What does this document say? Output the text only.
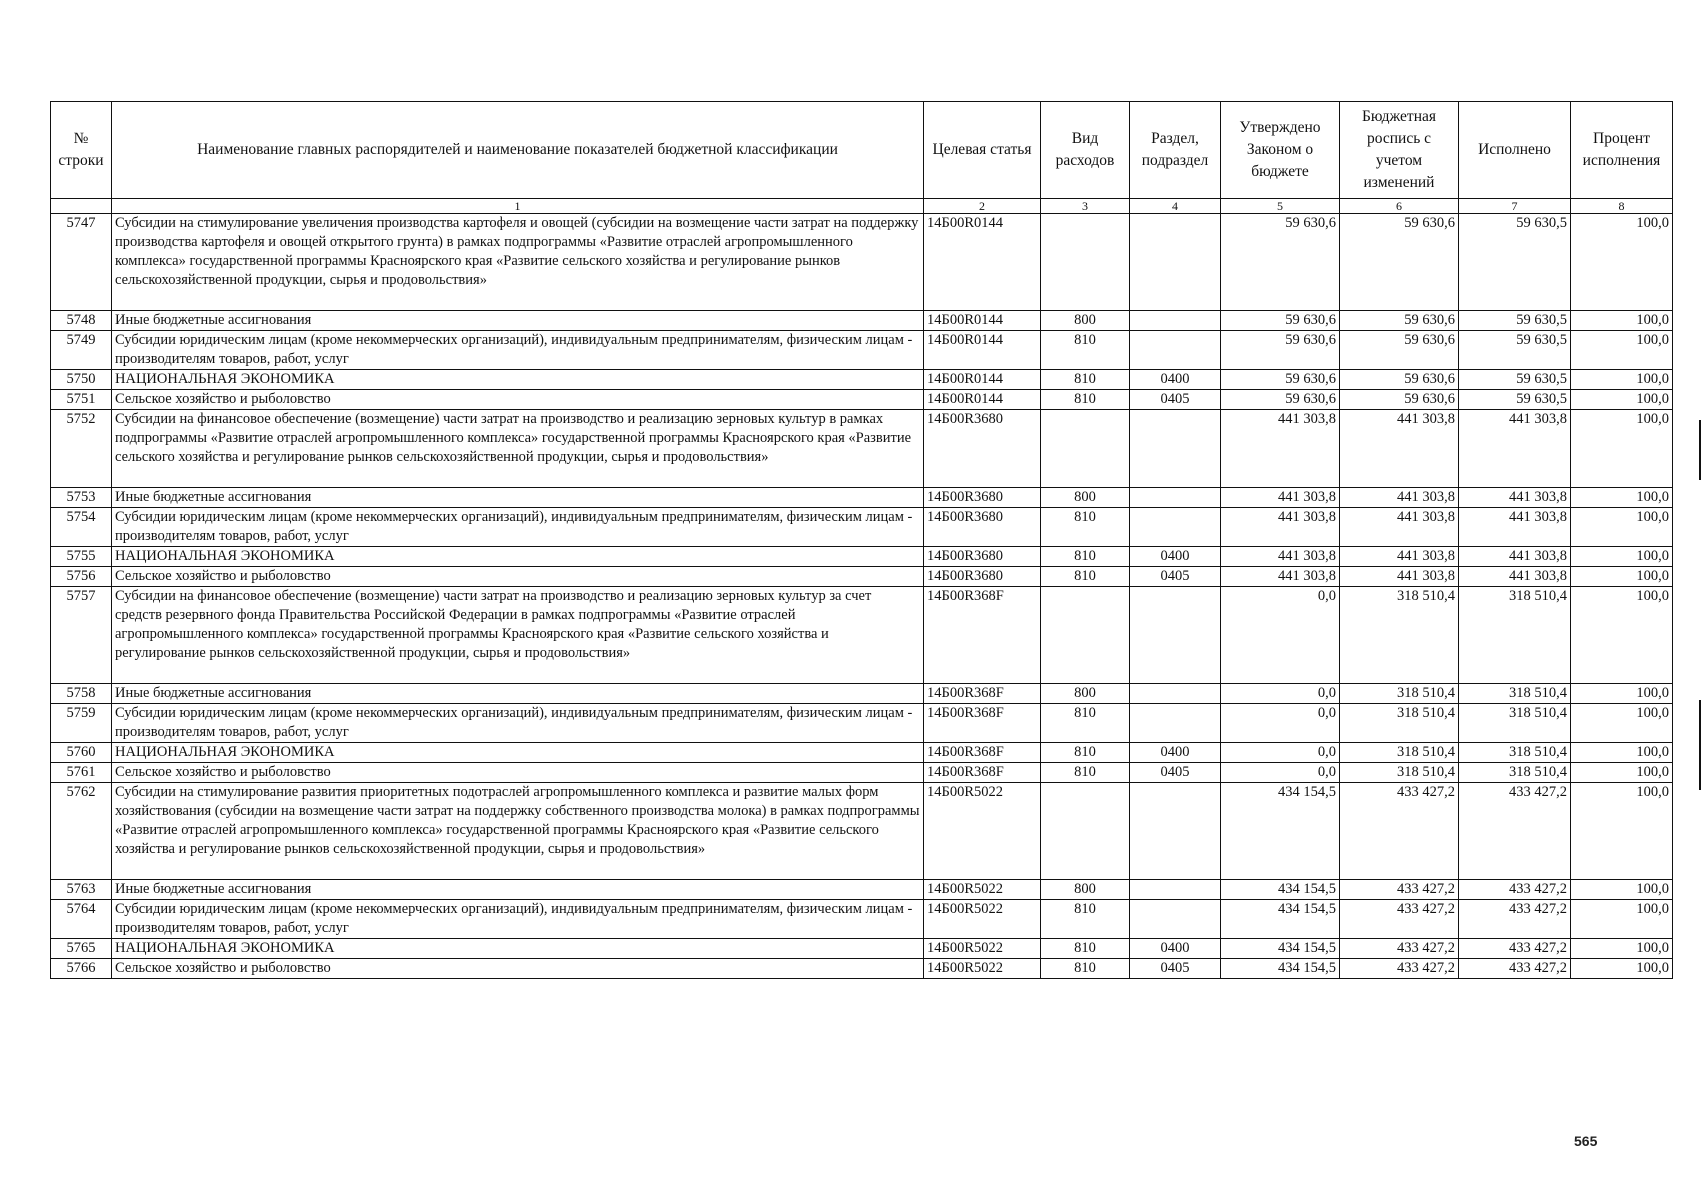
№ строки	Наименование главных распорядителей и наименование показателей бюджетной классификации	Целевая статья	Вид расходов	Раздел, подраздел	Утверждено Законом о бюджете	Бюджетная роспись с учетом изменений	Исполнено	Процент исполнения
	1	2	3	4	5	6	7	8
5747	Субсидии на стимулирование увеличения производства картофеля и овощей (субсидии на возмещение части затрат на поддержку производства картофеля и овощей открытого грунта) в рамках подпрограммы «Развитие отраслей агропромышленного комплекса» государственной программы Красноярского края «Развитие сельского хозяйства и регулирование рынков сельскохозяйственной продукции, сырья и продовольствия»	14Б00R0144			59 630,6	59 630,6	59 630,5	100,0
5748	Иные бюджетные ассигнования	14Б00R0144	800		59 630,6	59 630,6	59 630,5	100,0
5749	Субсидии юридическим лицам (кроме некоммерческих организаций), индивидуальным предпринимателям, физическим лицам - производителям товаров, работ, услуг	14Б00R0144	810		59 630,6	59 630,6	59 630,5	100,0
5750	НАЦИОНАЛЬНАЯ ЭКОНОМИКА	14Б00R0144	810	0400	59 630,6	59 630,6	59 630,5	100,0
5751	Сельское хозяйство и рыболовство	14Б00R0144	810	0405	59 630,6	59 630,6	59 630,5	100,0
5752	Субсидии на финансовое обеспечение (возмещение) части затрат на производство и реализацию зерновых культур в рамках подпрограммы «Развитие отраслей агропромышленного комплекса» государственной программы Красноярского края «Развитие сельского хозяйства и регулирование рынков сельскохозяйственной продукции, сырья и продовольствия»	14Б00R3680			441 303,8	441 303,8	441 303,8	100,0
5753	Иные бюджетные ассигнования	14Б00R3680	800		441 303,8	441 303,8	441 303,8	100,0
5754	Субсидии юридическим лицам (кроме некоммерческих организаций), индивидуальным предпринимателям, физическим лицам - производителям товаров, работ, услуг	14Б00R3680	810		441 303,8	441 303,8	441 303,8	100,0
5755	НАЦИОНАЛЬНАЯ ЭКОНОМИКА	14Б00R3680	810	0400	441 303,8	441 303,8	441 303,8	100,0
5756	Сельское хозяйство и рыболовство	14Б00R3680	810	0405	441 303,8	441 303,8	441 303,8	100,0
5757	Субсидии на финансовое обеспечение (возмещение) части затрат на производство и реализацию зерновых культур за счет средств резервного фонда Правительства Российской Федерации в рамках подпрограммы «Развитие отраслей агропромышленного комплекса» государственной программы Красноярского края «Развитие сельского хозяйства и регулирование рынков сельскохозяйственной продукции, сырья и продовольствия»	14Б00R368F			0,0	318 510,4	318 510,4	100,0
5758	Иные бюджетные ассигнования	14Б00R368F	800		0,0	318 510,4	318 510,4	100,0
5759	Субсидии юридическим лицам (кроме некоммерческих организаций), индивидуальным предпринимателям, физическим лицам - производителям товаров, работ, услуг	14Б00R368F	810		0,0	318 510,4	318 510,4	100,0
5760	НАЦИОНАЛЬНАЯ ЭКОНОМИКА	14Б00R368F	810	0400	0,0	318 510,4	318 510,4	100,0
5761	Сельское хозяйство и рыболовство	14Б00R368F	810	0405	0,0	318 510,4	318 510,4	100,0
5762	Субсидии на стимулирование развития приоритетных подотраслей агропромышленного комплекса и развитие малых форм хозяйствования (субсидии на возмещение части затрат на поддержку собственного производства молока) в рамках подпрограммы «Развитие отраслей агропромышленного комплекса» государственной программы Красноярского края «Развитие сельского хозяйства и регулирование рынков сельскохозяйственной продукции, сырья и продовольствия»	14Б00R5022			434 154,5	433 427,2	433 427,2	100,0
5763	Иные бюджетные ассигнования	14Б00R5022	800		434 154,5	433 427,2	433 427,2	100,0
5764	Субсидии юридическим лицам (кроме некоммерческих организаций), индивидуальным предпринимателям, физическим лицам - производителям товаров, работ, услуг	14Б00R5022	810		434 154,5	433 427,2	433 427,2	100,0
5765	НАЦИОНАЛЬНАЯ ЭКОНОМИКА	14Б00R5022	810	0400	434 154,5	433 427,2	433 427,2	100,0
5766	Сельское хозяйство и рыболовство	14Б00R5022	810	0405	434 154,5	433 427,2	433 427,2	100,0
565
